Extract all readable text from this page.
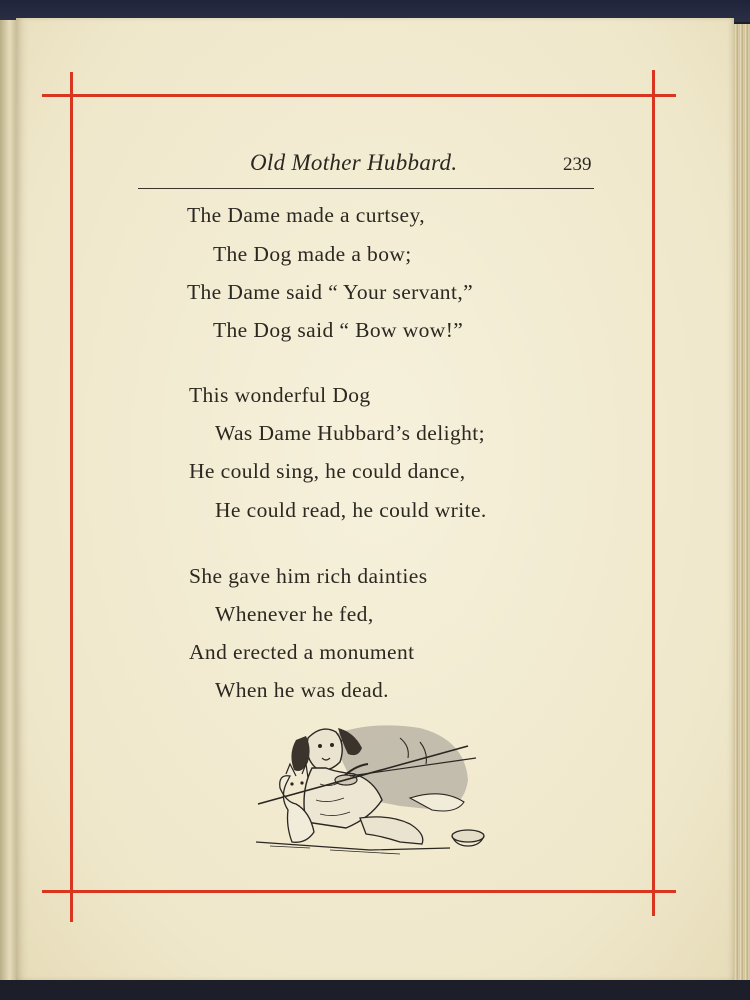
Old Mother Hubbard.	239
The Dame made a curtsey,
The Dog made a bow;
The Dame said “ Your servant,”
The Dog said “ Bow wow!”
This wonderful Dog
Was Dame Hubbard’s delight;
He could sing, he could dance,
He could read, he could write.
She gave him rich dainties
Whenever he fed,
And erected a monument
When he was dead.
